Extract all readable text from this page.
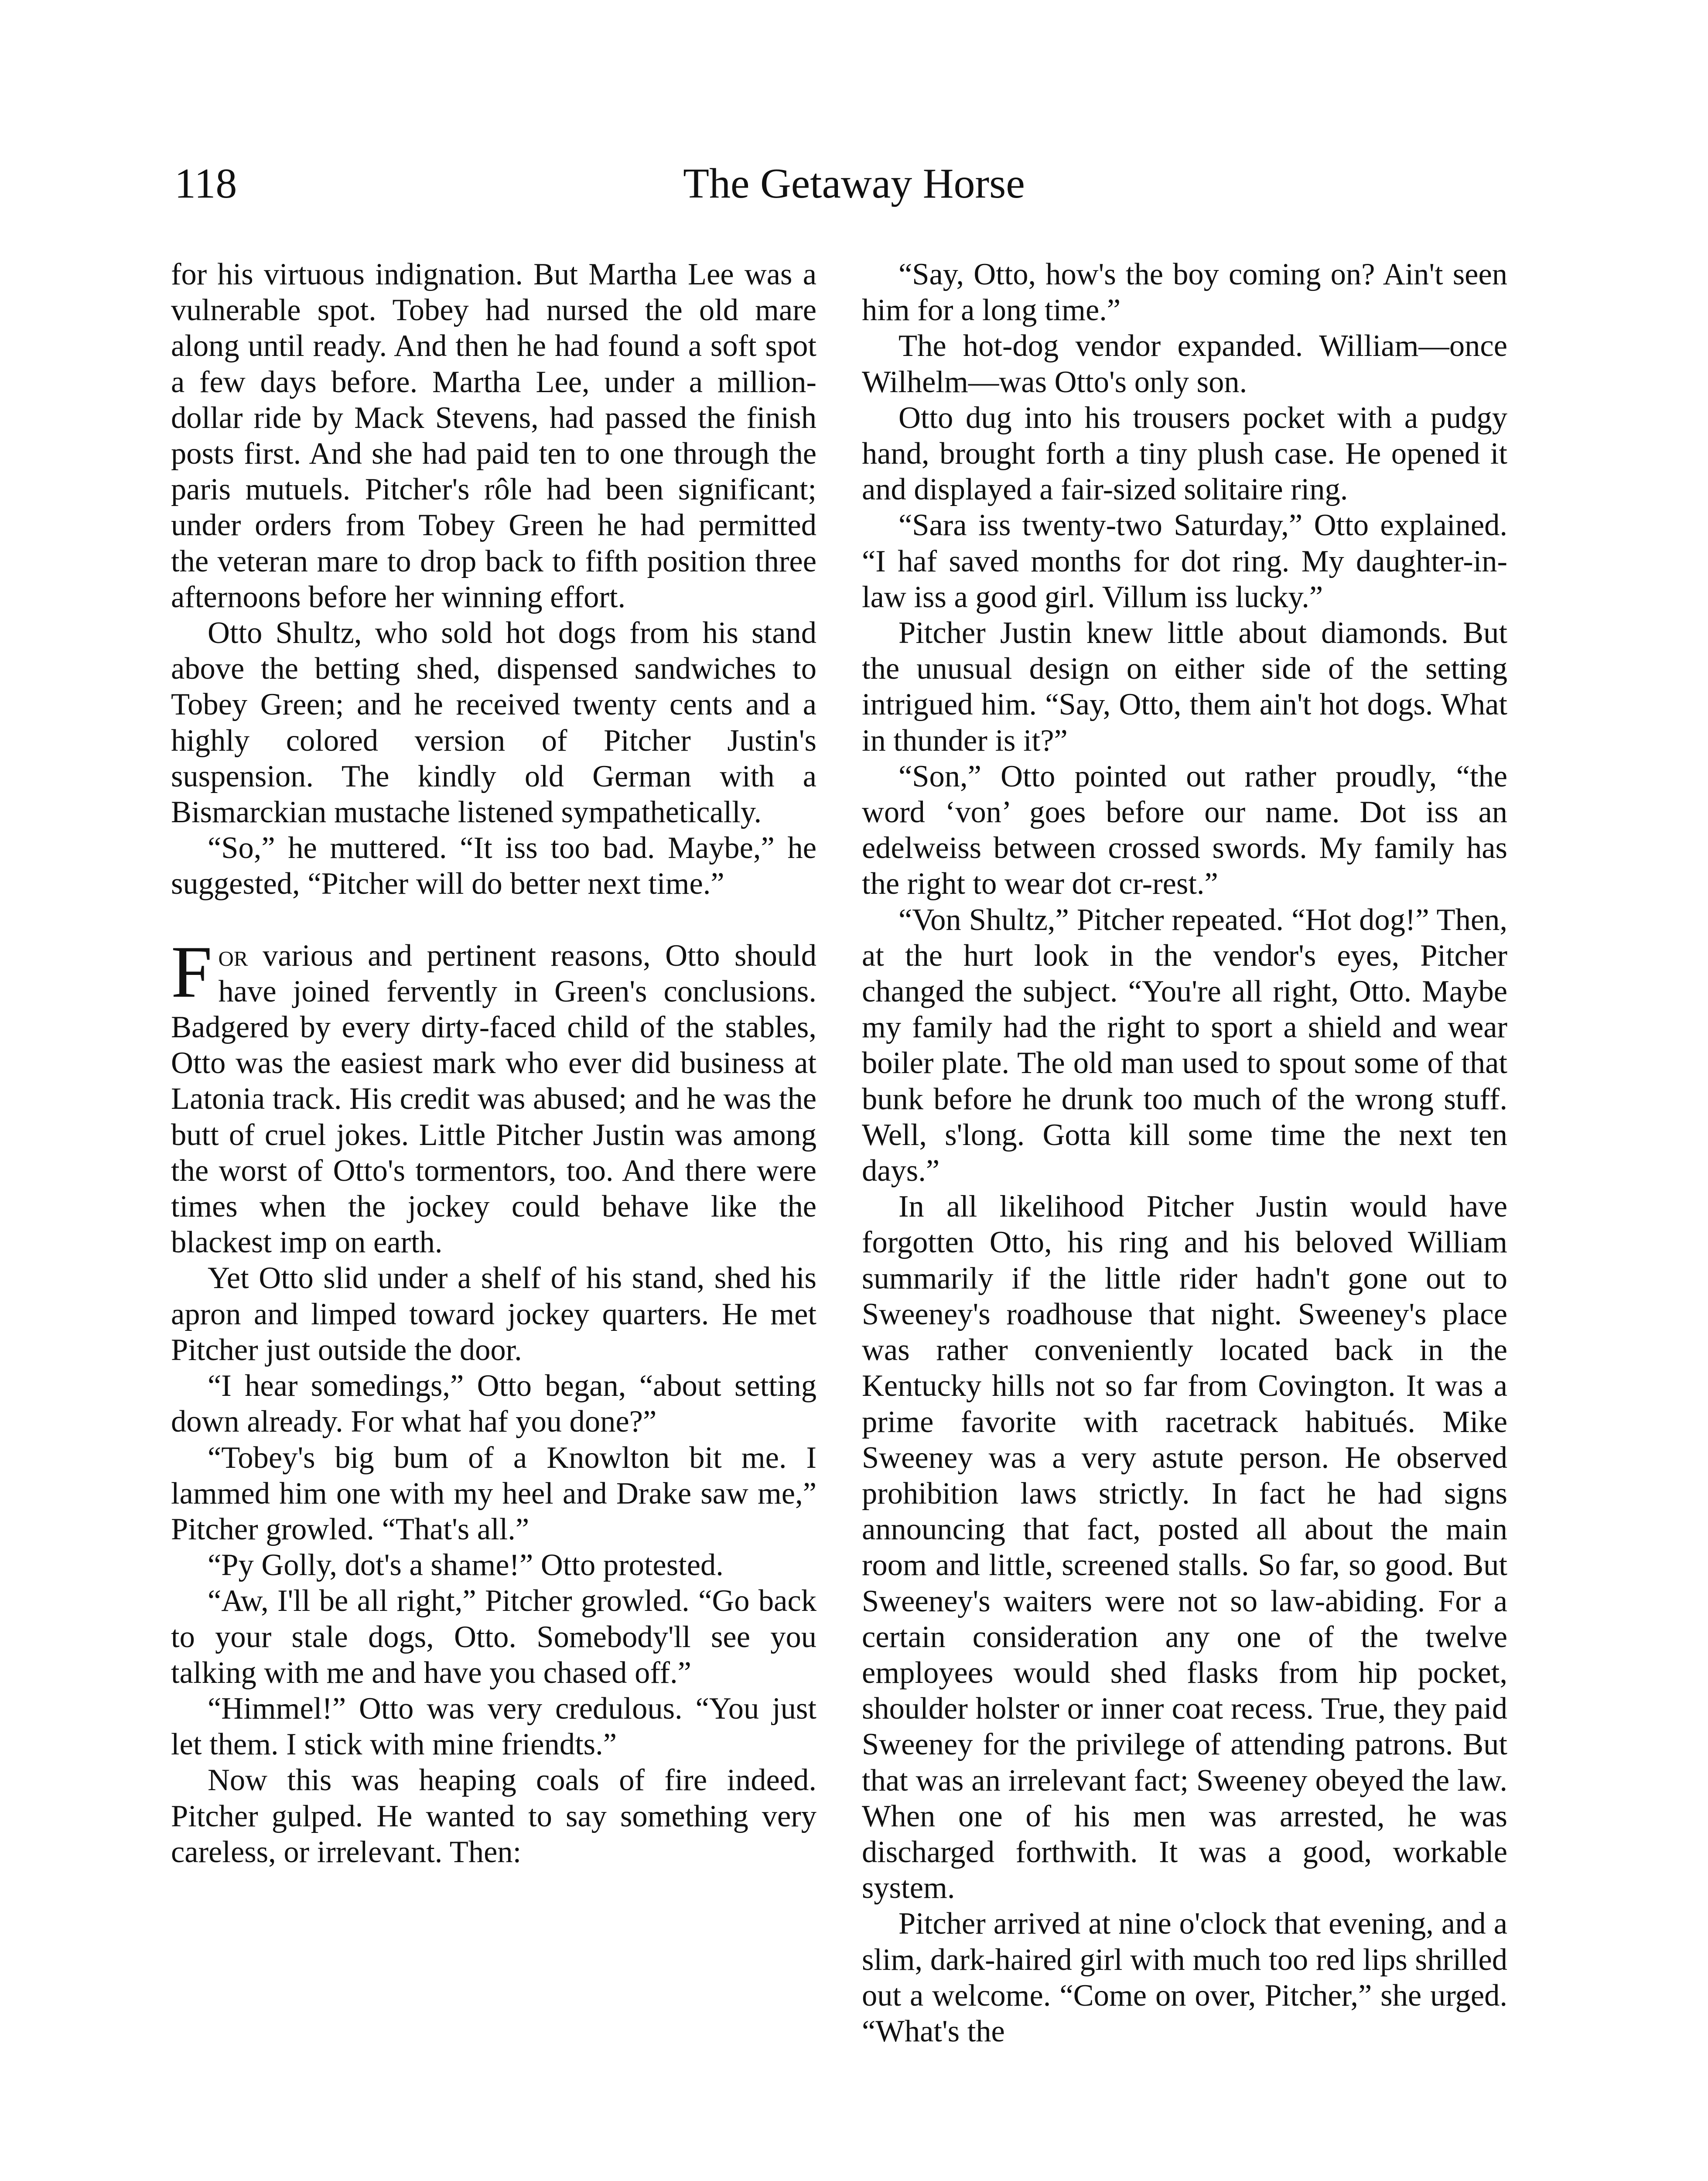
118	The Getaway Horse

for his virtuous indignation. But Martha Lee was a vulnerable spot. Tobey had nursed the old mare along until ready. And then he had found a soft spot a few days before. Martha Lee, under a million-dollar ride by Mack Stevens, had passed the finish posts first. And she had paid ten to one through the paris mutuels. Pitcher's rôle had been significant; under orders from Tobey Green he had permitted the veteran mare to drop back to fifth position three afternoons before her winning effort.

Otto Shultz, who sold hot dogs from his stand above the betting shed, dispensed sandwiches to Tobey Green; and he received twenty cents and a highly colored version of Pitcher Justin's suspension. The kindly old German with a Bismarckian mustache listened sympathetically.

“So,” he muttered. “It iss too bad. Maybe,” he suggested, “Pitcher will do better next time.”

For various and pertinent reasons, Otto should have joined fervently in Green's conclusions. Badgered by every dirty-faced child of the stables, Otto was the easiest mark who ever did business at Latonia track. His credit was abused; and he was the butt of cruel jokes. Little Pitcher Justin was among the worst of Otto's tormentors, too. And there were times when the jockey could behave like the blackest imp on earth.

Yet Otto slid under a shelf of his stand, shed his apron and limped toward jockey quarters. He met Pitcher just outside the door.

“I hear somedings,” Otto began, “about setting down already. For what haf you done?”

“Tobey's big bum of a Knowlton bit me. I lammed him one with my heel and Drake saw me,” Pitcher growled. “That's all.”

“Py Golly, dot's a shame!” Otto protested.

“Aw, I'll be all right,” Pitcher growled. “Go back to your stale dogs, Otto. Somebody'll see you talking with me and have you chased off.”

“Himmel!” Otto was very credulous. “You just let them. I stick with mine friendts.”

Now this was heaping coals of fire indeed. Pitcher gulped. He wanted to say something very careless, or irrelevant. Then:

“Say, Otto, how's the boy coming on? Ain't seen him for a long time.”

The hot-dog vendor expanded. William—once Wilhelm—was Otto's only son.

Otto dug into his trousers pocket with a pudgy hand, brought forth a tiny plush case. He opened it and displayed a fair-sized solitaire ring.

“Sara iss twenty-two Saturday,” Otto explained. “I haf saved months for dot ring. My daughter-in-law iss a good girl. Villum iss lucky.”

Pitcher Justin knew little about diamonds. But the unusual design on either side of the setting intrigued him. “Say, Otto, them ain't hot dogs. What in thunder is it?”

“Son,” Otto pointed out rather proudly, “the word ‘von’ goes before our name. Dot iss an edelweiss between crossed swords. My family has the right to wear dot cr-rest.”

“Von Shultz,” Pitcher repeated. “Hot dog!” Then, at the hurt look in the vendor's eyes, Pitcher changed the subject. “You're all right, Otto. Maybe my family had the right to sport a shield and wear boiler plate. The old man used to spout some of that bunk before he drunk too much of the wrong stuff. Well, s'long. Gotta kill some time the next ten days.”

In all likelihood Pitcher Justin would have forgotten Otto, his ring and his beloved William summarily if the little rider hadn't gone out to Sweeney's roadhouse that night. Sweeney's place was rather conveniently located back in the Kentucky hills not so far from Covington. It was a prime favorite with racetrack habitués. Mike Sweeney was a very astute person. He observed prohibition laws strictly. In fact he had signs announcing that fact, posted all about the main room and little, screened stalls. So far, so good. But Sweeney's waiters were not so law-abiding. For a certain consideration any one of the twelve employees would shed flasks from hip pocket, shoulder holster or inner coat recess. True, they paid Sweeney for the privilege of attending patrons. But that was an irrelevant fact; Sweeney obeyed the law. When one of his men was arrested, he was discharged forthwith. It was a good, workable system.

Pitcher arrived at nine o'clock that evening, and a slim, dark-haired girl with much too red lips shrilled out a welcome. “Come on over, Pitcher,” she urged. “What's the
